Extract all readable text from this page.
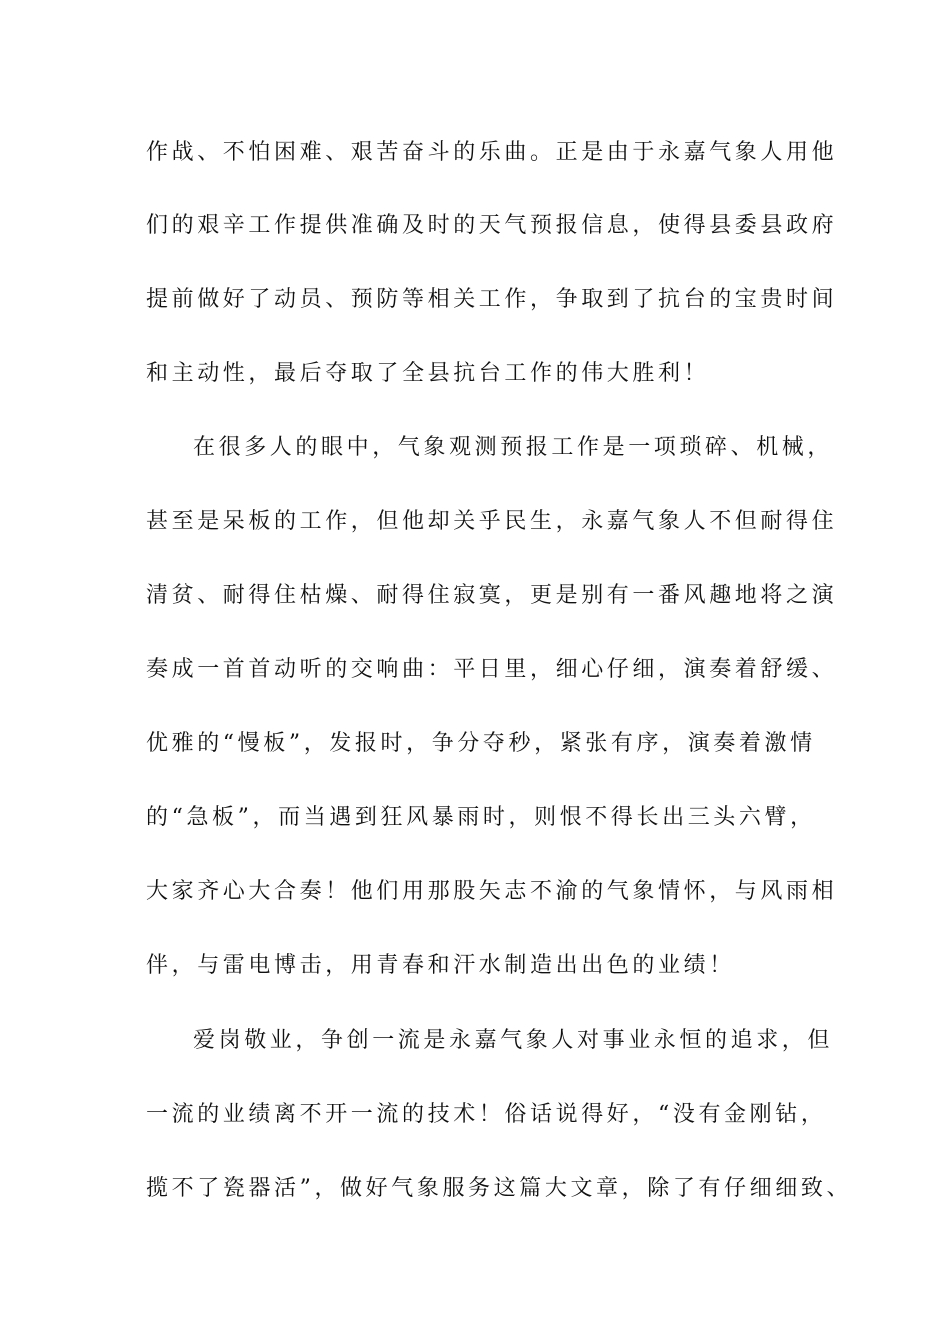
作战、不怕困难、艰苦奋斗的乐曲。正是由于永嘉气象人用他
们的艰辛工作提供准确及时的天气预报信息，使得县委县政府
提前做好了动员、预防等相关工作，争取到了抗台的宝贵时间
和主动性，最后夺取了全县抗台工作的伟大胜利！
在很多人的眼中，气象观测预报工作是一项琐碎、机械，
甚至是呆板的工作，但他却关乎民生，永嘉气象人不但耐得住
清贫、耐得住枯燥、耐得住寂寞，更是别有一番风趣地将之演
奏成一首首动听的交响曲：平日里，细心仔细，演奏着舒缓、
优雅的“慢板”，发报时，争分夺秒，紧张有序，演奏着激情
的“急板”，而当遇到狂风暴雨时，则恨不得长出三头六臂，
大家齐心大合奏！他们用那股矢志不渝的气象情怀，与风雨相
伴，与雷电博击，用青春和汗水制造出出色的业绩！
爱岗敬业，争创一流是永嘉气象人对事业永恒的追求，但
一流的业绩离不开一流的技术！俗话说得好，“没有金刚钻，
揽不了瓷器活”，做好气象服务这篇大文章，除了有仔细细致、
